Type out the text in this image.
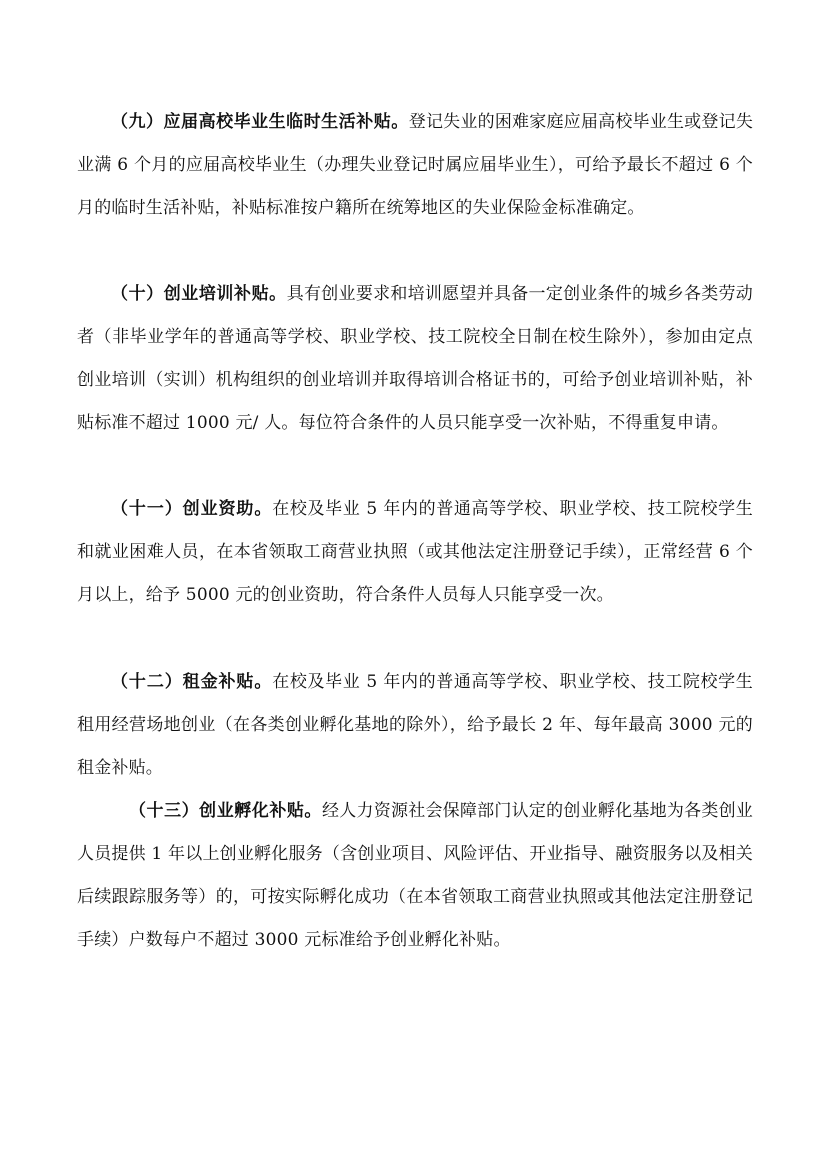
（九）应届高校毕业生临时生活补贴。登记失业的困难家庭应届高校毕业生或登记失业满 6 个月的应届高校毕业生（办理失业登记时属应届毕业生），可给予最长不超过 6 个月的临时生活补贴，补贴标准按户籍所在统筹地区的失业保险金标准确定。

（十）创业培训补贴。具有创业要求和培训愿望并具备一定创业条件的城乡各类劳动者（非毕业学年的普通高等学校、职业学校、技工院校全日制在校生除外），参加由定点创业培训（实训）机构组织的创业培训并取得培训合格证书的，可给予创业培训补贴，补贴标准不超过 1000 元/ 人。每位符合条件的人员只能享受一次补贴，不得重复申请。

（十一）创业资助。在校及毕业 5 年内的普通高等学校、职业学校、技工院校学生和就业困难人员，在本省领取工商营业执照（或其他法定注册登记手续），正常经营 6 个月以上，给予 5000 元的创业资助，符合条件人员每人只能享受一次。

（十二）租金补贴。在校及毕业 5 年内的普通高等学校、职业学校、技工院校学生租用经营场地创业（在各类创业孵化基地的除外），给予最长 2 年、每年最高 3000 元的租金补贴。

（十三）创业孵化补贴。经人力资源社会保障部门认定的创业孵化基地为各类创业人员提供 1 年以上创业孵化服务（含创业项目、风险评估、开业指导、融资服务以及相关后续跟踪服务等）的，可按实际孵化成功（在本省领取工商营业执照或其他法定注册登记手续）户数每户不超过 3000 元标准给予创业孵化补贴。
